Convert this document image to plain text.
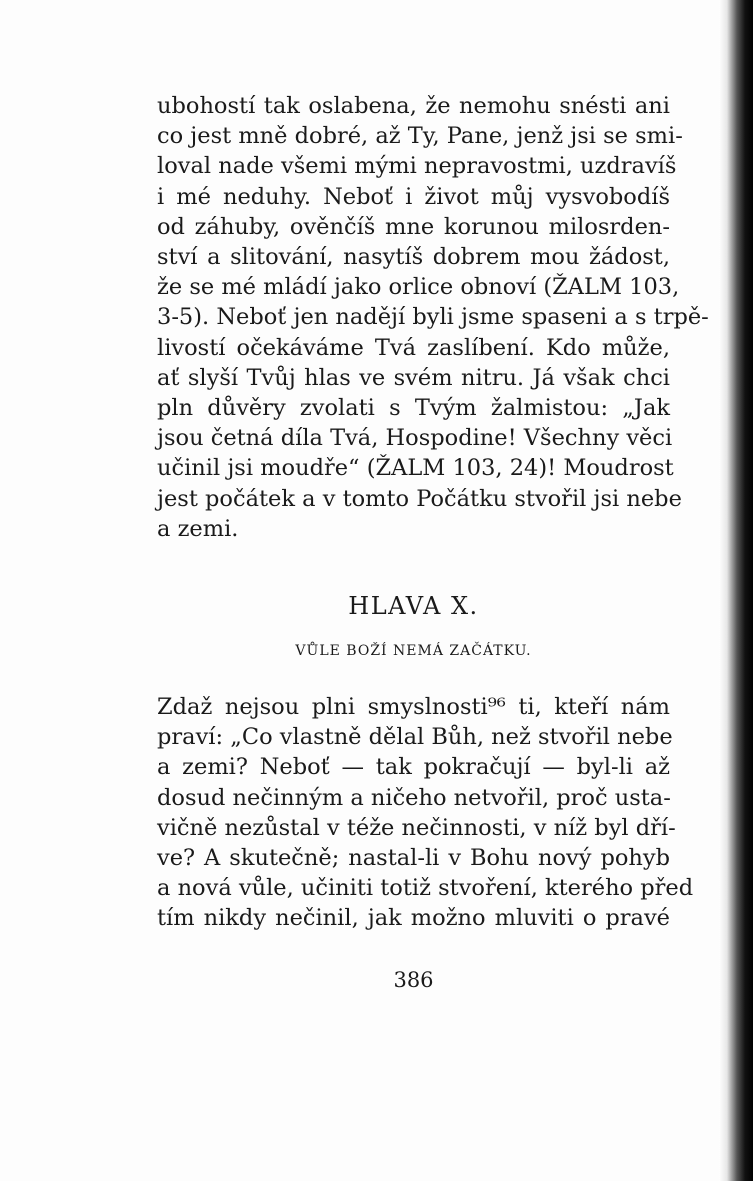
ubohostí tak oslabena, že nemohu snésti ani
co jest mně dobré, až Ty, Pane, jenž jsi se smi-
loval nade všemi mými nepravostmi, uzdravíš
i mé neduhy. Neboť i život můj vysvobodíš
od záhuby, ověnčíš mne korunou milosrden-
ství a slitování, nasytíš dobrem mou žádost,
že se mé mládí jako orlice obnoví (ŽALM 103,
3-5). Neboť jen nadějí byli jsme spaseni a s trpě-
livostí očekáváme Tvá zaslíbení. Kdo může,
ať slyší Tvůj hlas ve svém nitru. Já však chci
pln důvěry zvolati s Tvým žalmistou: „Jak
jsou četná díla Tvá, Hospodine! Všechny věci
učinil jsi moudře“ (ŽALM 103, 24)! Moudrost
jest počátek a v tomto Počátku stvořil jsi nebe
a zemi.
HLAVA X.
VŮLE BOŽÍ NEMÁ ZAČÁTKU.
Zdaž nejsou plni smyslnosti⁹⁶ ti, kteří nám
praví: „Co vlastně dělal Bůh, než stvořil nebe
a zemi? Neboť — tak pokračují — byl-li až
dosud nečinným a ničeho netvořil, proč usta-
vičně nezůstal v téže nečinnosti, v níž byl dří-
ve? A skutečně; nastal-li v Bohu nový pohyb
a nová vůle, učiniti totiž stvoření, kterého před
tím nikdy nečinil, jak možno mluviti o pravé
386
